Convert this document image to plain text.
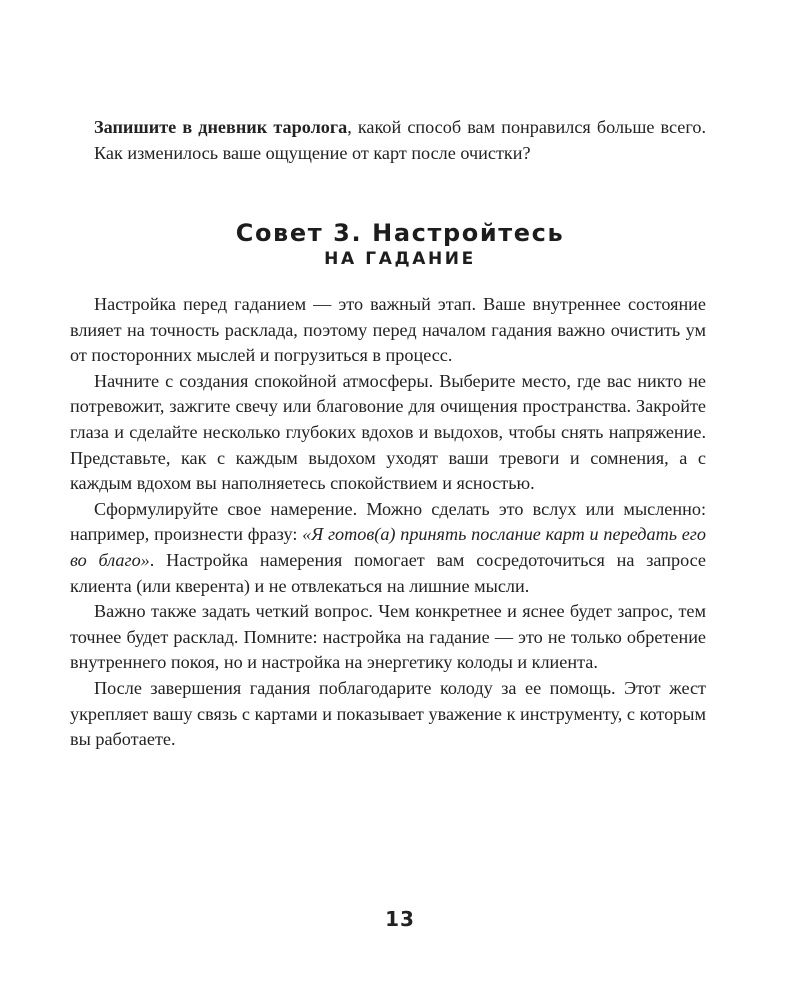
Запишите в дневник таролога, какой способ вам понравился больше всего. Как изменилось ваше ощущение от карт после очистки?

Совет 3. Настройтесь
НА ГАДАНИЕ

Настройка перед гаданием — это важный этап. Ваше внутреннее состояние влияет на точность расклада, поэтому перед началом гадания важно очистить ум от посторонних мыслей и погрузиться в процесс.

Начните с создания спокойной атмосферы. Выберите место, где вас никто не потревожит, зажгите свечу или благовоние для очищения пространства. Закройте глаза и сделайте несколько глубоких вдохов и выдохов, чтобы снять напряжение. Представьте, как с каждым выдохом уходят ваши тревоги и сомнения, а с каждым вдохом вы наполняетесь спокойствием и ясностью.

Сформулируйте свое намерение. Можно сделать это вслух или мысленно: например, произнести фразу: «Я готов(а) принять послание карт и передать его во благо». Настройка намерения помогает вам сосредоточиться на запросе клиента (или кверента) и не отвлекаться на лишние мысли.

Важно также задать четкий вопрос. Чем конкретнее и яснее будет запрос, тем точнее будет расклад. Помните: настройка на гадание — это не только обретение внутреннего покоя, но и настройка на энергетику колоды и клиента.

После завершения гадания поблагодарите колоду за ее помощь. Этот жест укрепляет вашу связь с картами и показывает уважение к инструменту, с которым вы работаете.

13
